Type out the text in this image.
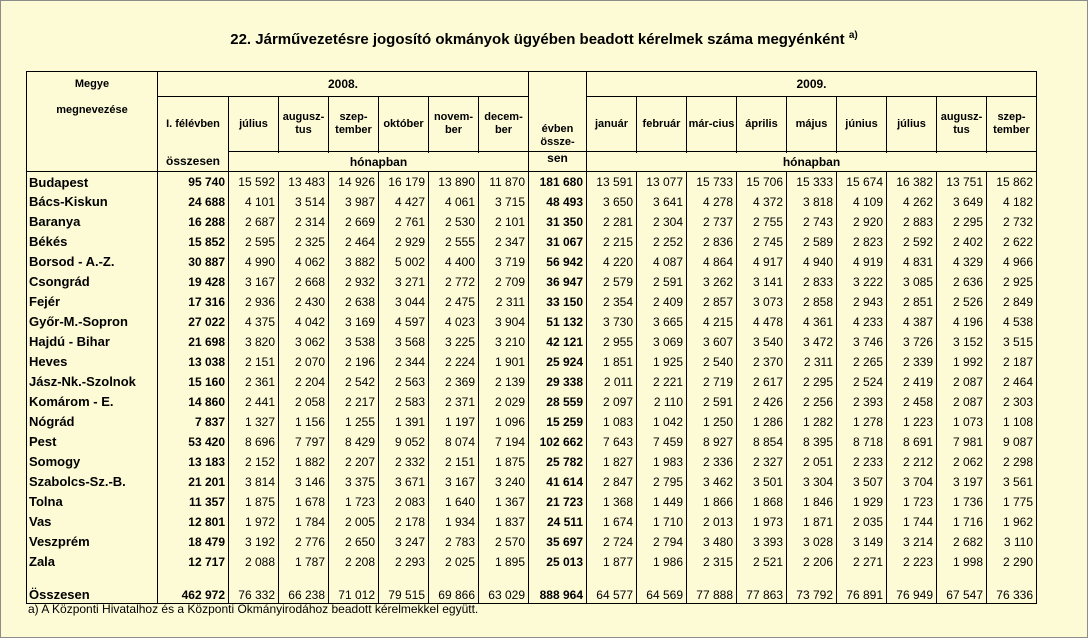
22. Járművezetésre jogosító okmányok ügyében beadott kérelmek száma megyénként $^{a)}$
Megye

megnevezése	2008.							évben össze-	2009.								
	I. félévben	július	augusz-tus	szep-tember	október	novem-ber	decem-ber		január	február	már-cius	április	május	június	július	augusz-tus	szep-tember

	összesen	hónapban						sen	hónapban								
Budapest	95 740	15 592	13 483	14 926	16 179	13 890	11 870	181 680	13 591	13 077	15 733	15 706	15 333	15 674	16 382	13 751	15 862
Bács-Kiskun	24 688	4 101	3 514	3 987	4 427	4 061	3 715	48 493	3 650	3 641	4 278	4 372	3 818	4 109	4 262	3 649	4 182
Baranya	16 288	2 687	2 314	2 669	2 761	2 530	2 101	31 350	2 281	2 304	2 737	2 755	2 743	2 920	2 883	2 295	2 732
Békés	15 852	2 595	2 325	2 464	2 929	2 555	2 347	31 067	2 215	2 252	2 836	2 745	2 589	2 823	2 592	2 402	2 622
Borsod - A.-Z.	30 887	4 990	4 062	3 882	5 002	4 400	3 719	56 942	4 220	4 087	4 864	4 917	4 940	4 919	4 831	4 329	4 966
Csongrád	19 428	3 167	2 668	2 932	3 271	2 772	2 709	36 947	2 579	2 591	3 262	3 141	2 833	3 222	3 085	2 636	2 925
Fejér	17 316	2 936	2 430	2 638	3 044	2 475	2 311	33 150	2 354	2 409	2 857	3 073	2 858	2 943	2 851	2 526	2 849
Győr-M.-Sopron	27 022	4 375	4 042	3 169	4 597	4 023	3 904	51 132	3 730	3 665	4 215	4 478	4 361	4 233	4 387	4 196	4 538
Hajdú - Bihar	21 698	3 820	3 062	3 538	3 568	3 225	3 210	42 121	2 955	3 069	3 607	3 540	3 472	3 746	3 726	3 152	3 515
Heves	13 038	2 151	2 070	2 196	2 344	2 224	1 901	25 924	1 851	1 925	2 540	2 370	2 311	2 265	2 339	1 992	2 187
Jász-Nk.-Szolnok	15 160	2 361	2 204	2 542	2 563	2 369	2 139	29 338	2 011	2 221	2 719	2 617	2 295	2 524	2 419	2 087	2 464
Komárom - E.	14 860	2 441	2 058	2 217	2 583	2 371	2 029	28 559	2 097	2 110	2 591	2 426	2 256	2 393	2 458	2 087	2 303
Nógrád	7 837	1 327	1 156	1 255	1 391	1 197	1 096	15 259	1 083	1 042	1 250	1 286	1 282	1 278	1 223	1 073	1 108
Pest	53 420	8 696	7 797	8 429	9 052	8 074	7 194	102 662	7 643	7 459	8 927	8 854	8 395	8 718	8 691	7 981	9 087
Somogy	13 183	2 152	1 882	2 207	2 332	2 151	1 875	25 782	1 827	1 983	2 336	2 327	2 051	2 233	2 212	2 062	2 298
Szabolcs-Sz.-B.	21 201	3 814	3 146	3 375	3 671	3 167	3 240	41 614	2 847	2 795	3 462	3 501	3 304	3 507	3 704	3 197	3 561
Tolna	11 357	1 875	1 678	1 723	2 083	1 640	1 367	21 723	1 368	1 449	1 866	1 868	1 846	1 929	1 723	1 736	1 775
Vas	12 801	1 972	1 784	2 005	2 178	1 934	1 837	24 511	1 674	1 710	2 013	1 973	1 871	2 035	1 744	1 716	1 962
Veszprém	18 479	3 192	2 776	2 650	3 247	2 783	2 570	35 697	2 724	2 794	3 480	3 393	3 028	3 149	3 214	2 682	3 110
Zala	12 717	2 088	1 787	2 208	2 293	2 025	1 895	25 013	1 877	1 986	2 315	2 521	2 206	2 271	2 223	1 998	2 290
Összesen	462 972	76 332	66 238	71 012	79 515	69 866	63 029	888 964	64 577	64 569	77 888	77 863	73 792	76 891	76 949	67 547	76 336
a) A Központi Hivatalhoz és a Központi Okmányirodához beadott kérelmekkel együtt.
